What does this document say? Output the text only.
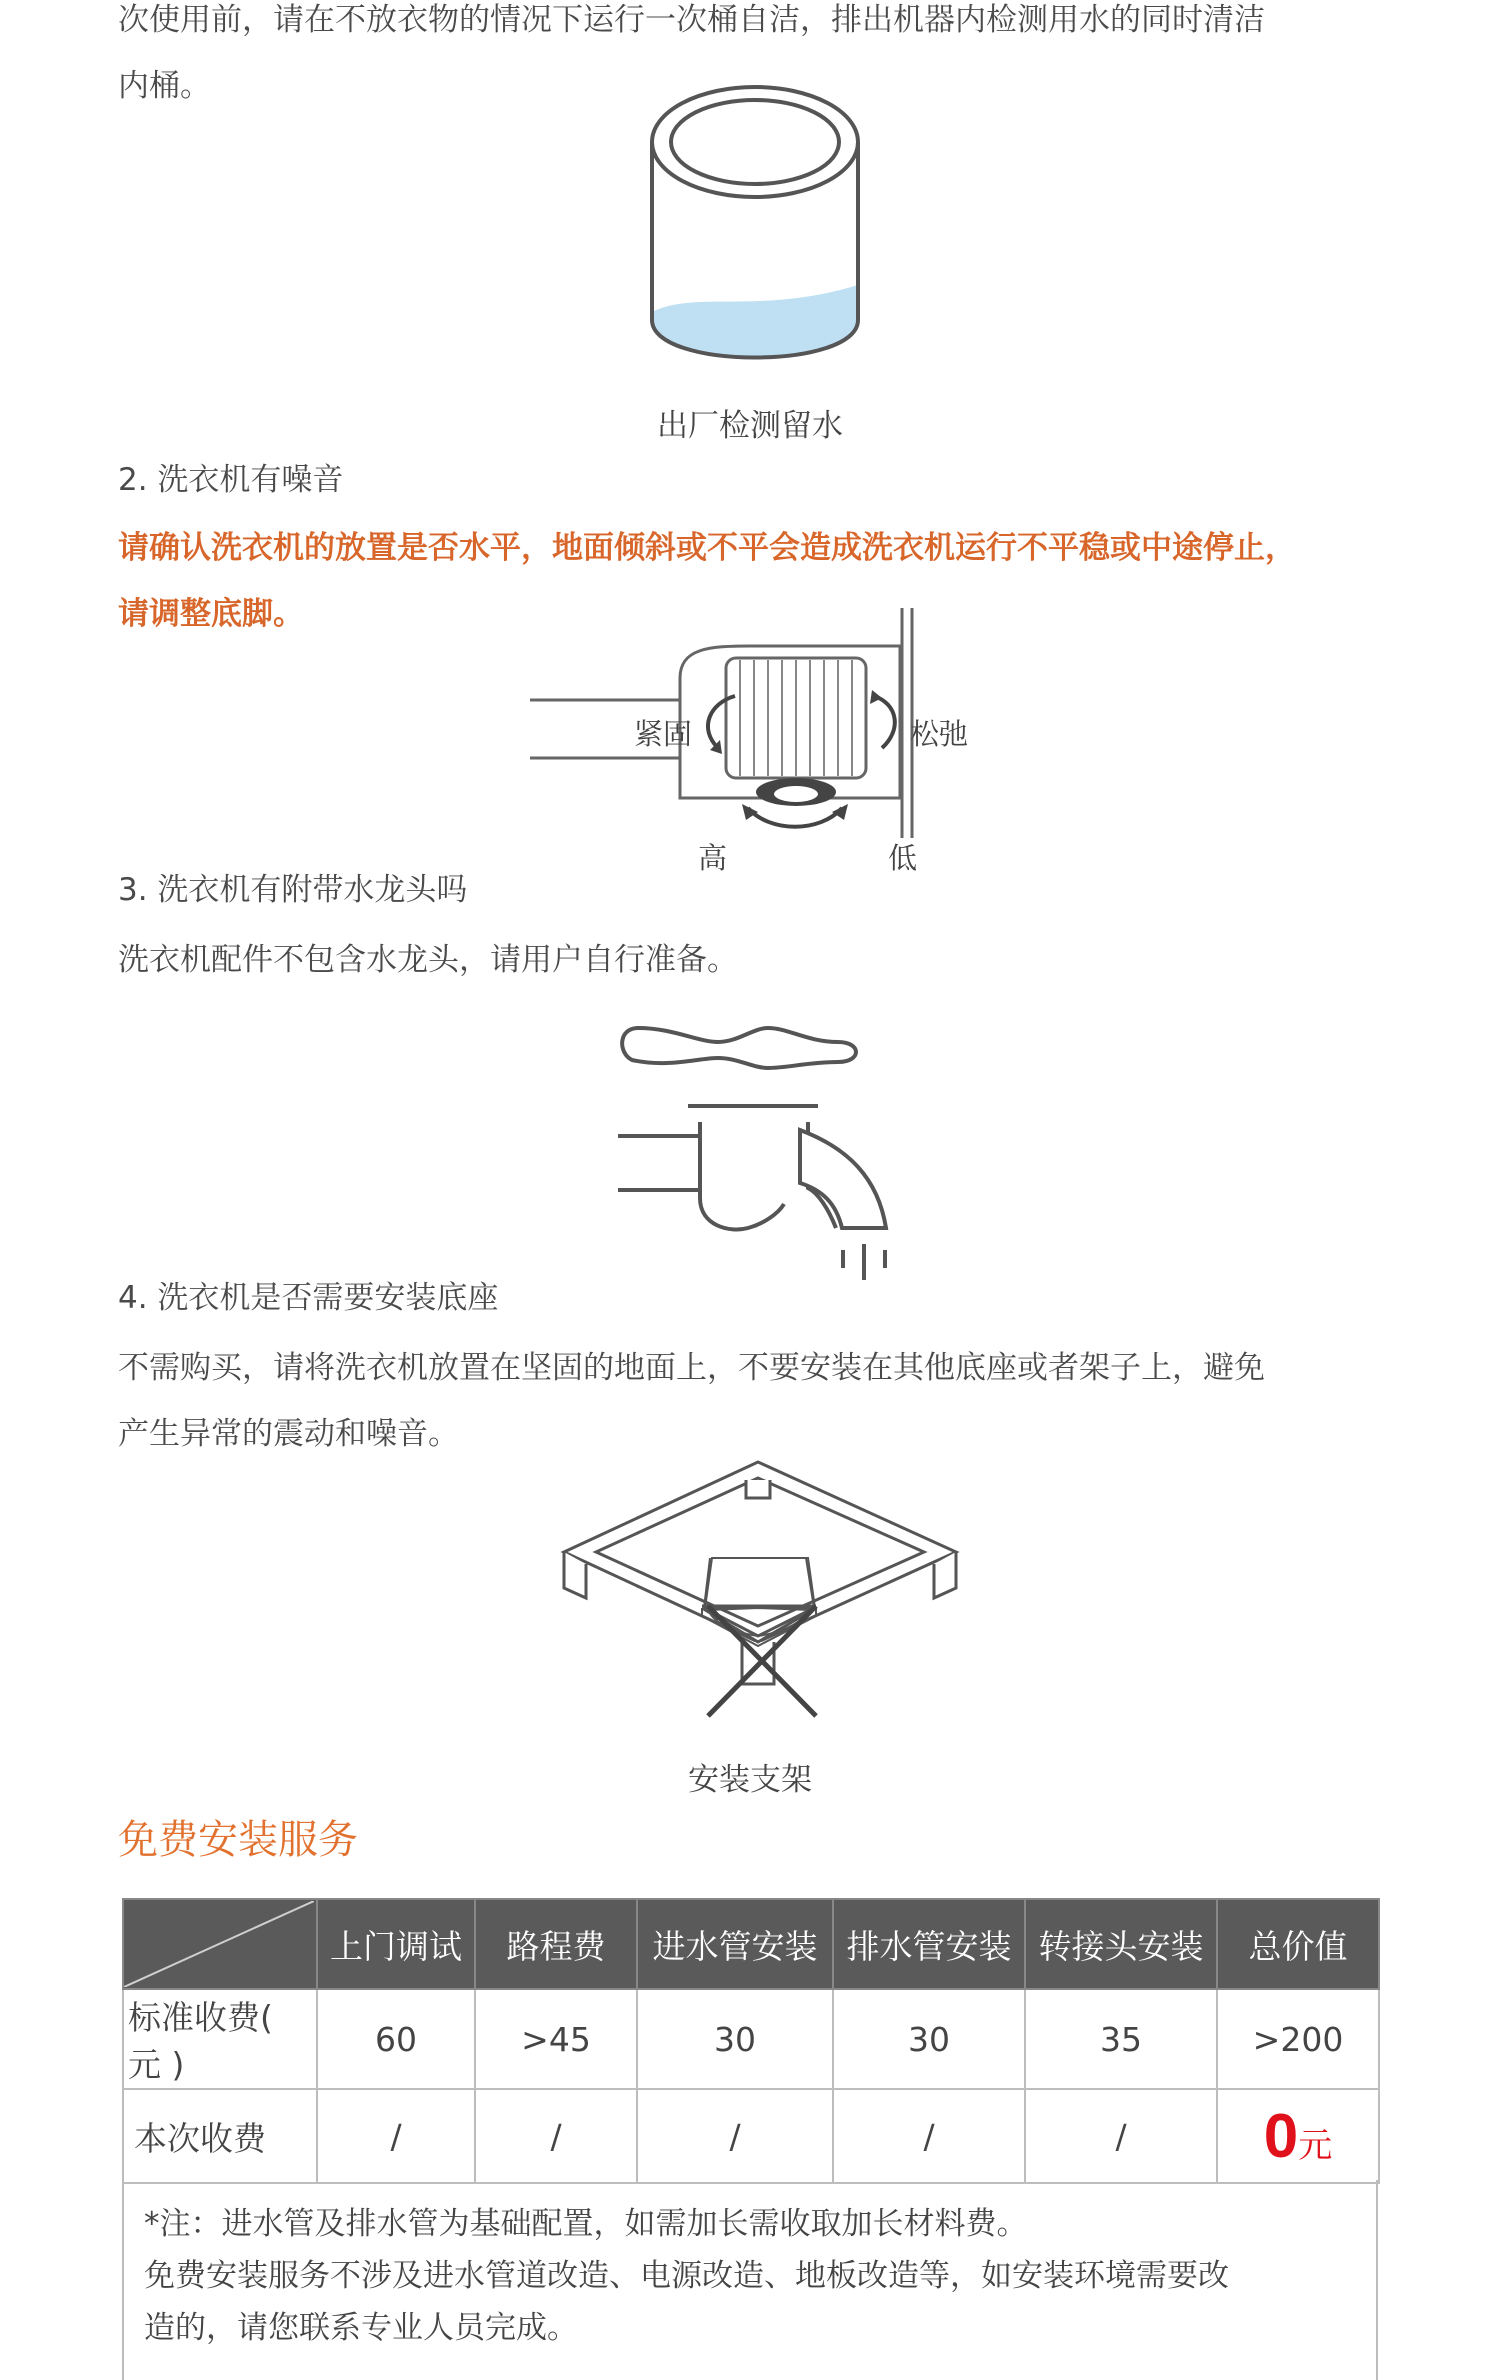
次使用前，请在不放衣物的情况下运行一次桶自洁，排出机器内检测用水的同时清洁

内桶。

出厂检测留水

2. 洗衣机有噪音

请确认洗衣机的放置是否水平，地面倾斜或不平会造成洗衣机运行不平稳或中途停止，

请调整底脚。

紧固	松弛
高	低

3. 洗衣机有附带水龙头吗

洗衣机配件不包含水龙头，请用户自行准备。

4. 洗衣机是否需要安装底座

不需购买，请将洗衣机放置在坚固的地面上，不要安装在其他底座或者架子上，避免

产生异常的震动和噪音。

安装支架
免费安装服务
	上门调试	路程费	进水管安装	排水管安装	转接头安装	总价值
标准收费( 元 )	60	>45	30	30	35	>200
本次收费	/	/	/	/	/	0元

*注：进水管及排水管为基础配置，如需加长需收取加长材料费。

免费安装服务不涉及进水管道改造、电源改造、地板改造等，如安装环境需要改

造的，请您联系专业人员完成。
